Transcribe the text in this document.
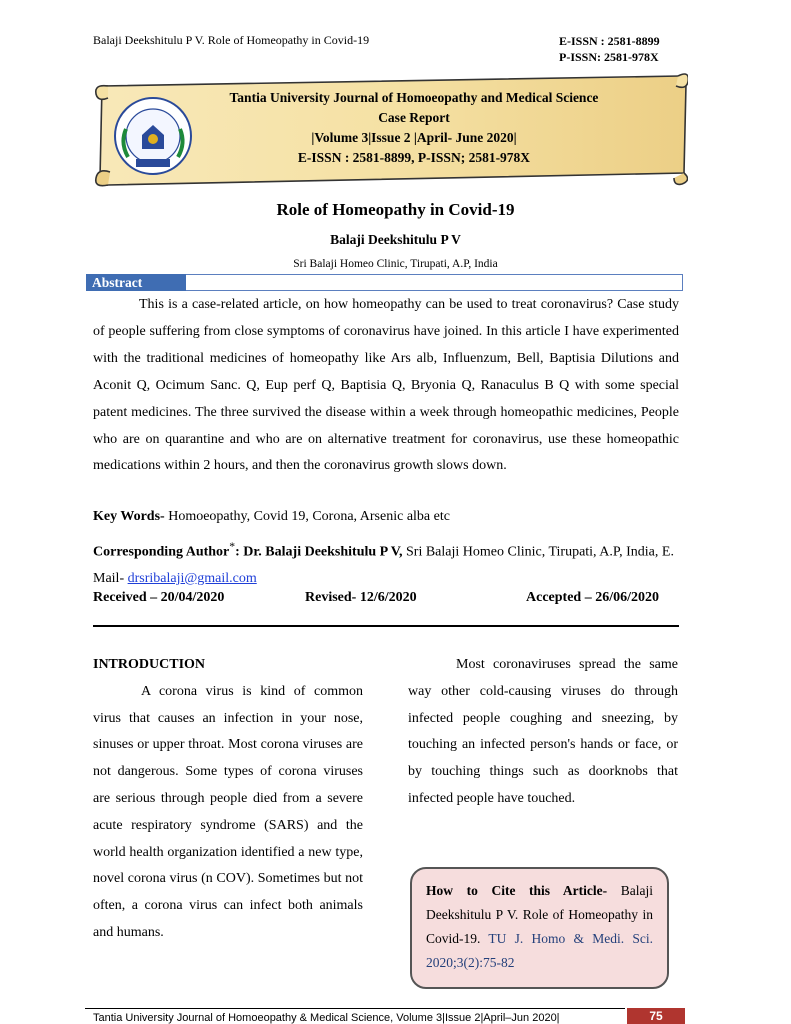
Balaji Deekshitulu P V. Role of Homeopathy in Covid-19	E-ISSN : 2581-8899
P-ISSN: 2581-978X
Tantia University Journal of Homoeopathy and Medical Science
Case Report
|Volume 3|Issue 2 |April- June 2020|
E-ISSN : 2581-8899, P-ISSN; 2581-978X
Role of Homeopathy in Covid-19
Balaji Deekshitulu P V
Sri Balaji Homeo Clinic, Tirupati, A.P, India
Abstract
This is a case-related article, on how homeopathy can be used to treat coronavirus? Case study of people suffering from close symptoms of coronavirus have joined. In this article I have experimented with the traditional medicines of homeopathy like Ars alb, Influenzum, Bell, Baptisia Dilutions and Aconit Q, Ocimum Sanc. Q, Eup perf Q, Baptisia Q, Bryonia Q, Ranaculus B Q with some special patent medicines. The three survived the disease within a week through homeopathic medicines, People who are on quarantine and who are on alternative treatment for coronavirus, use these homeopathic medications within 2 hours, and then the coronavirus growth slows down.
Key Words- Homoeopathy, Covid 19, Corona, Arsenic alba etc
Corresponding Author*: Dr. Balaji Deekshitulu P V, Sri Balaji Homeo Clinic, Tirupati, A.P, India, E. Mail- drsribalaji@gmail.com
Received – 20/04/2020	Revised- 12/6/2020	Accepted – 26/06/2020
INTRODUCTION

A corona virus is kind of common virus that causes an infection in your nose, sinuses or upper throat. Most corona viruses are not dangerous. Some types of corona viruses are serious through people died from a severe acute respiratory syndrome (SARS) and the world health organization identified a new type, novel corona virus (n COV). Sometimes but not often, a corona virus can infect both animals and humans.

Most coronaviruses spread the same way other cold-causing viruses do through infected people coughing and sneezing, by touching an infected person's hands or face, or by touching things such as doorknobs that infected people have touched.
How to Cite this Article- Balaji Deekshitulu P V. Role of Homeopathy in Covid-19. TU J. Homo & Medi. Sci. 2020;3(2):75-82
Tantia University Journal of Homoeopathy & Medical Science, Volume 3|Issue 2|April–Jun 2020|	75
